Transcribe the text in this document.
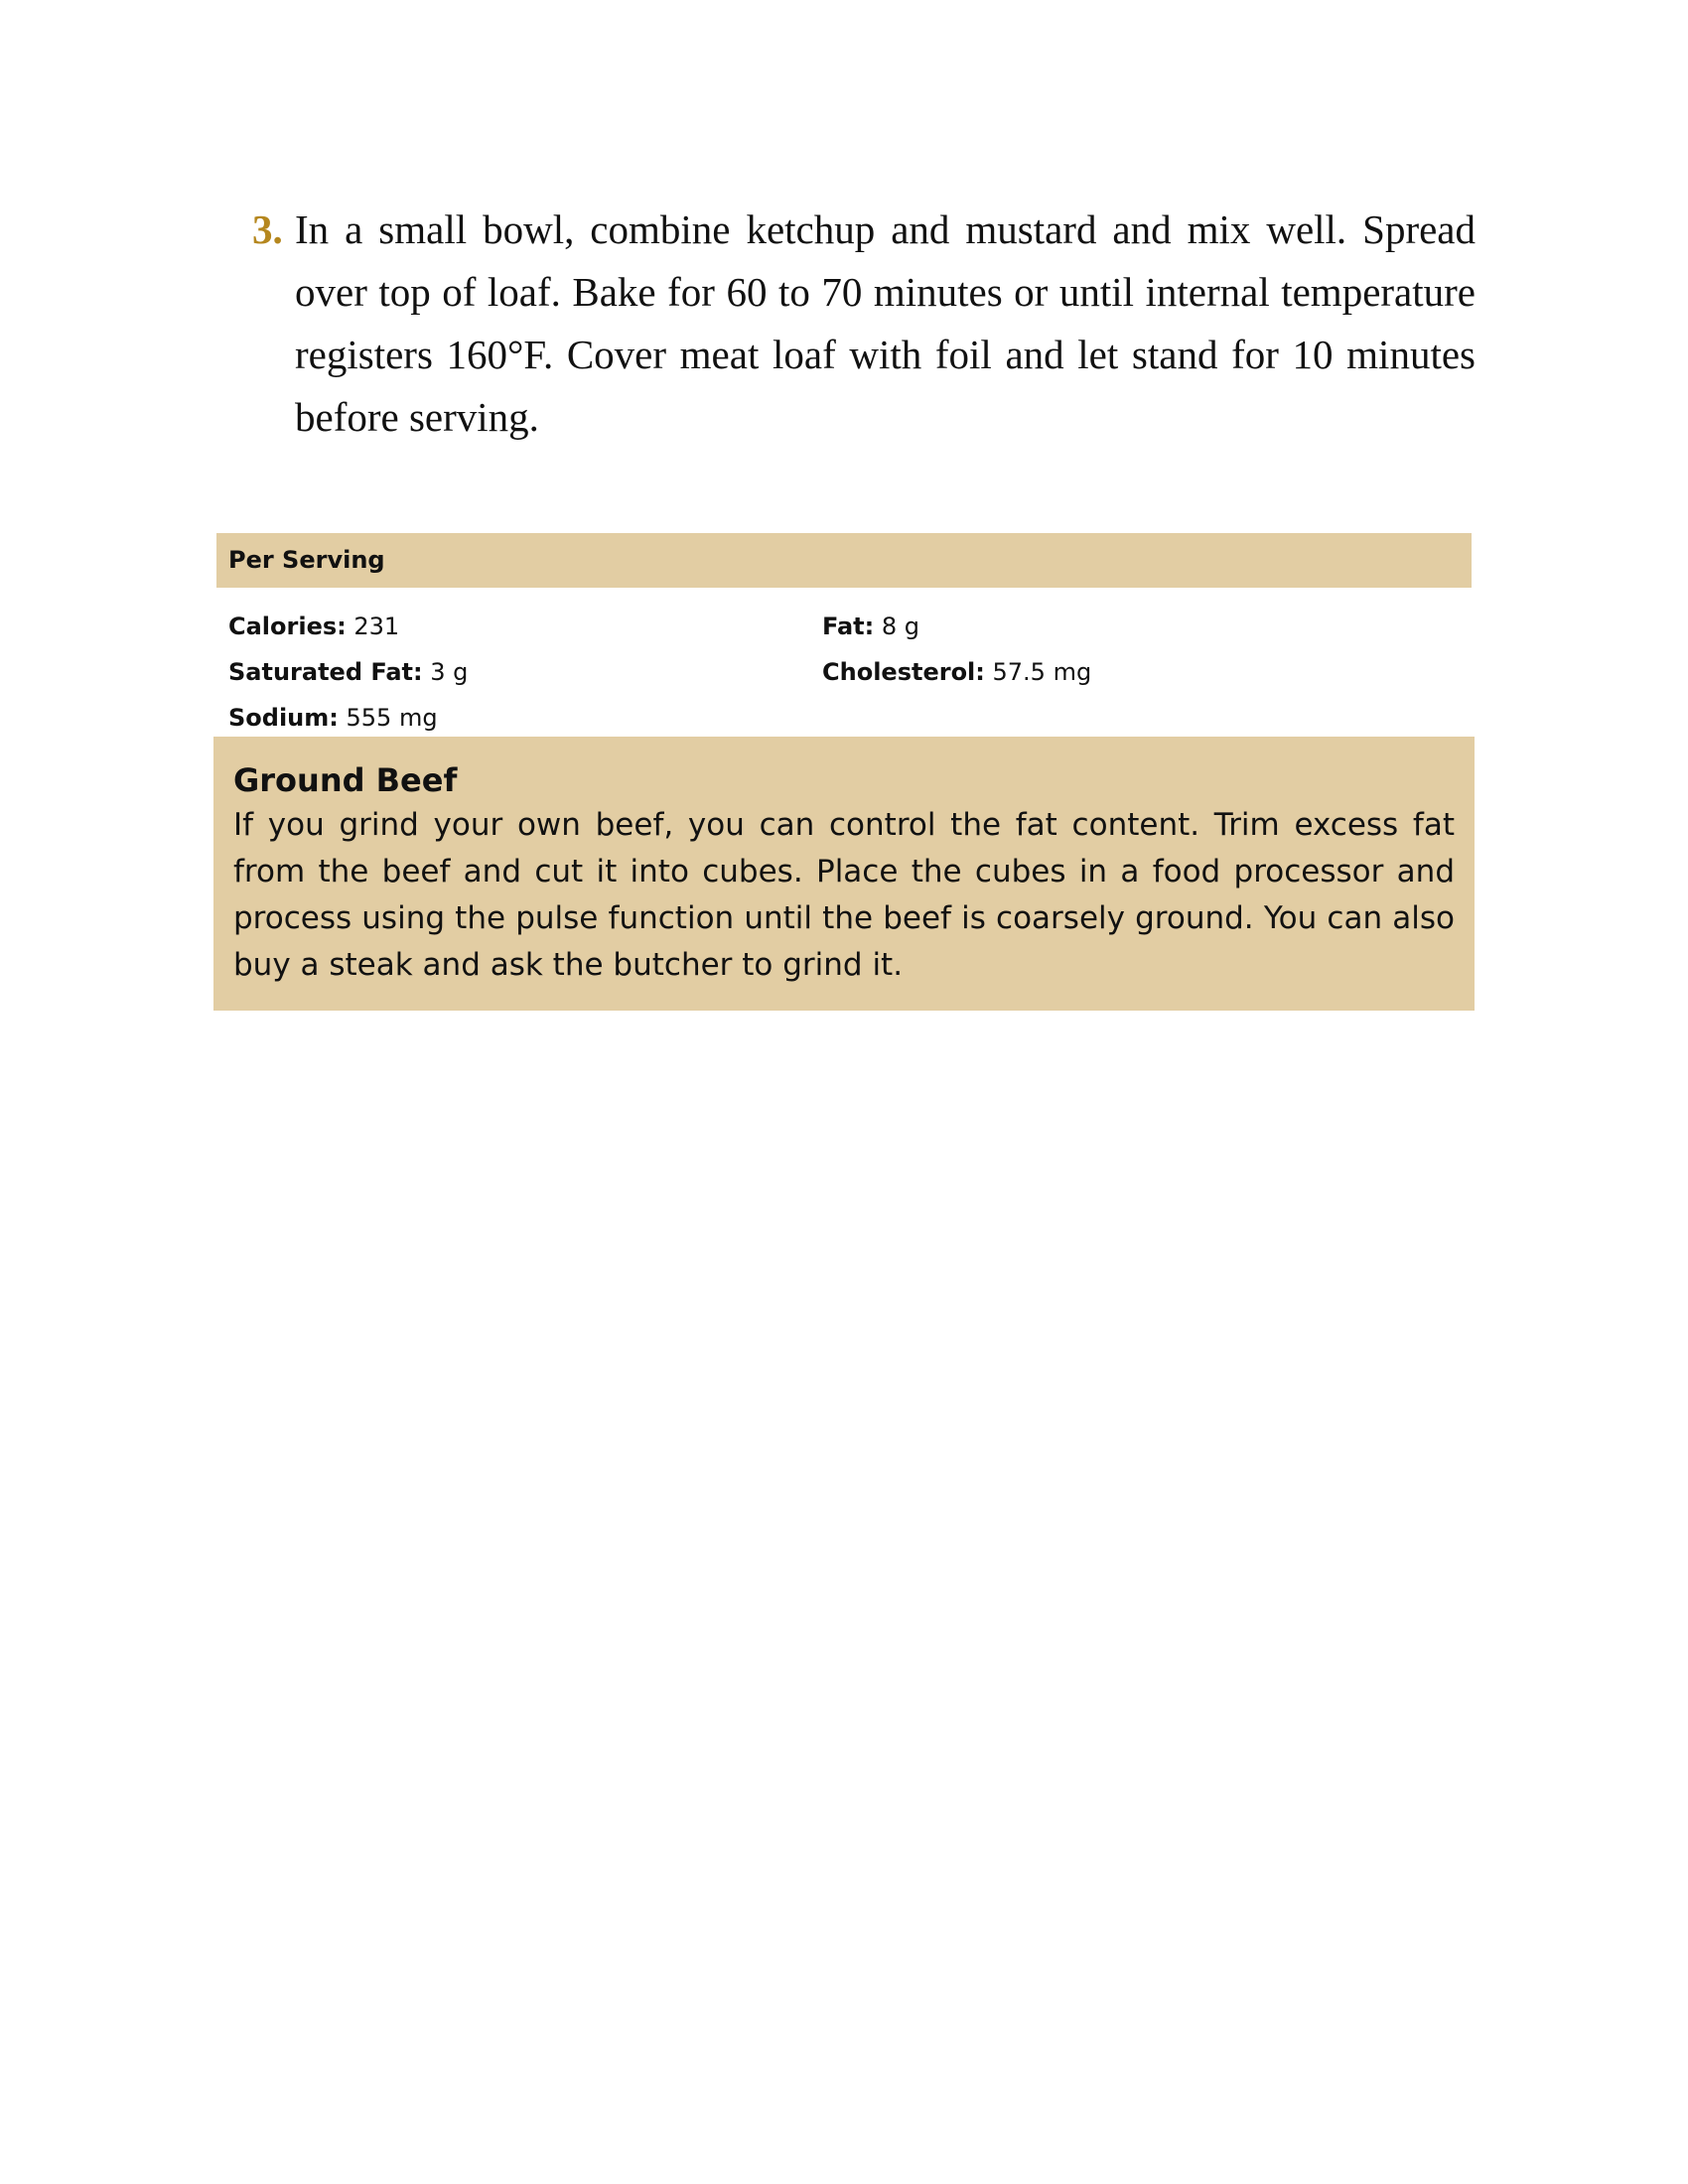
3. In a small bowl, combine ketchup and mustard and mix well. Spread over top of loaf. Bake for 60 to 70 minutes or until internal temperature registers 160°F. Cover meat loaf with foil and let stand for 10 minutes before serving.
Per Serving
Calories: 231	Fat: 8 g
Saturated Fat: 3 g	Cholesterol: 57.5 mg
Sodium: 555 mg
Ground Beef
If you grind your own beef, you can control the fat content. Trim excess fat from the beef and cut it into cubes. Place the cubes in a food processor and process using the pulse function until the beef is coarsely ground. You can also buy a steak and ask the butcher to grind it.
